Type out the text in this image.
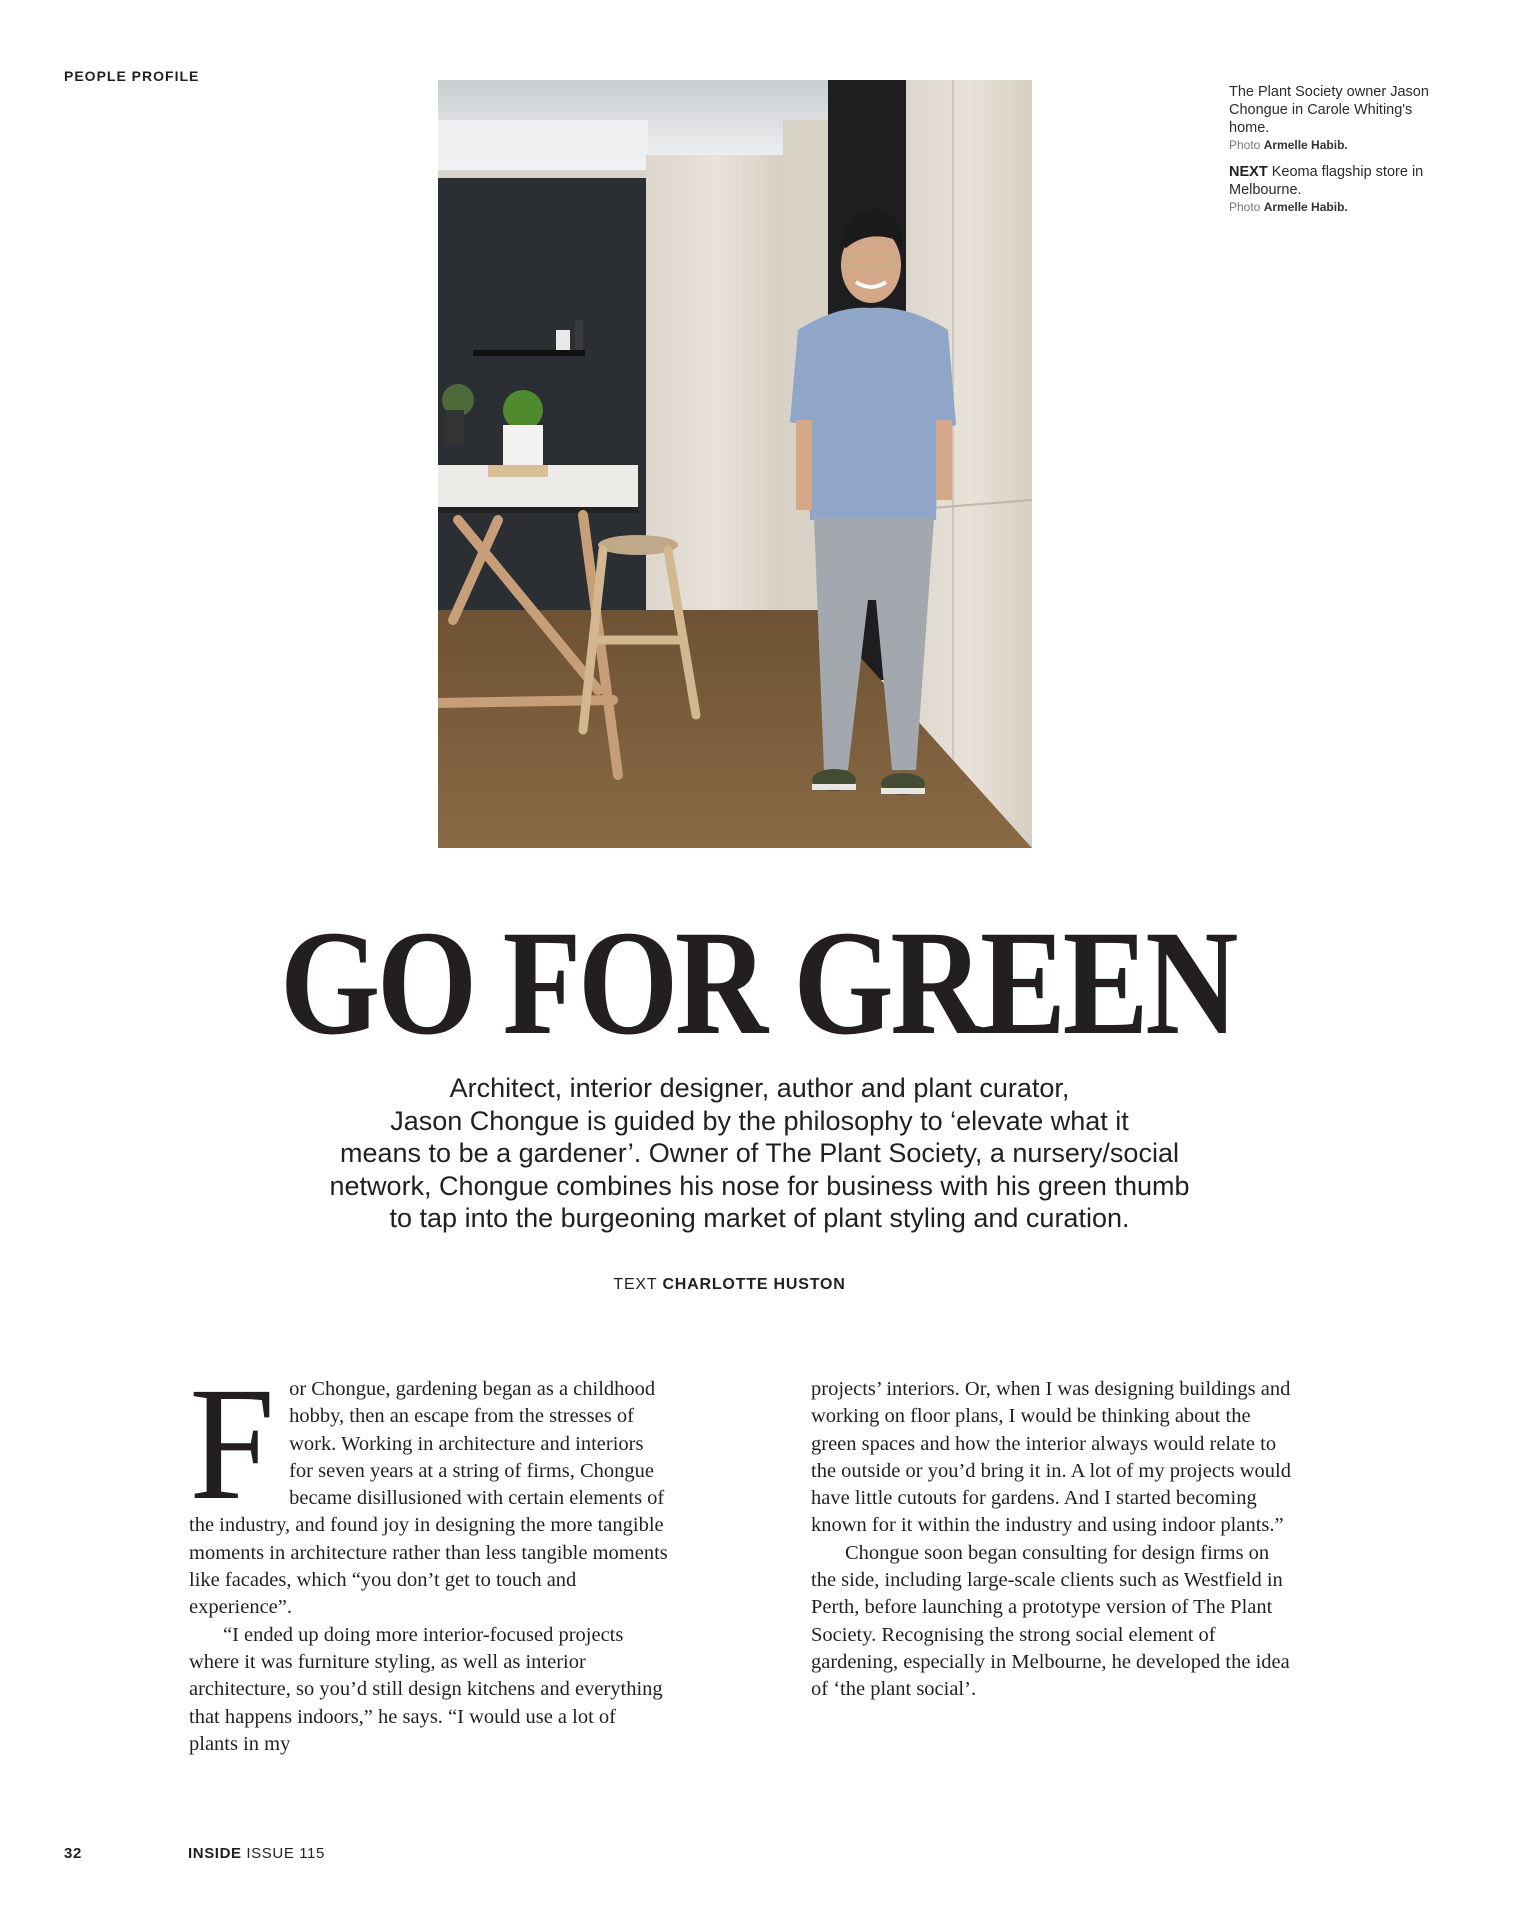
PEOPLE PROFILE

The Plant Society owner Jason Chongue in Carole Whiting's home.
Photo Armelle Habib.

NEXT Keoma flagship store in Melbourne.
Photo Armelle Habib.

GO FOR GREEN
Architect, interior designer, author and plant curator,
Jason Chongue is guided by the philosophy to ‘elevate what it
means to be a gardener’. Owner of The Plant Society, a nursery/social
network, Chongue combines his nose for business with his green thumb
to tap into the burgeoning market of plant styling and curation.
TEXT CHARLOTTE HUSTON

For Chongue, gardening began as a childhood hobby, then an escape from the stresses of work. Working in architecture and interiors for seven years at a string of firms, Chongue became disillusioned with certain elements of the industry, and found joy in designing the more tangible moments in architecture rather than less tangible moments like facades, which “you don’t get to touch and experience”.

“I ended up doing more interior-focused projects where it was furniture styling, as well as interior architecture, so you’d still design kitchens and everything that happens indoors,” he says. “I would use a lot of plants in my

projects’ interiors. Or, when I was designing buildings and working on floor plans, I would be thinking about the green spaces and how the interior always would relate to the outside or you’d bring it in. A lot of my projects would have little cutouts for gardens. And I started becoming known for it within the industry and using indoor plants.”

Chongue soon began consulting for design firms on the side, including large-scale clients such as Westfield in Perth, before launching a prototype version of The Plant Society. Recognising the strong social element of gardening, especially in Melbourne, he developed the idea of ‘the plant social’.

32	INSIDE ISSUE 115
